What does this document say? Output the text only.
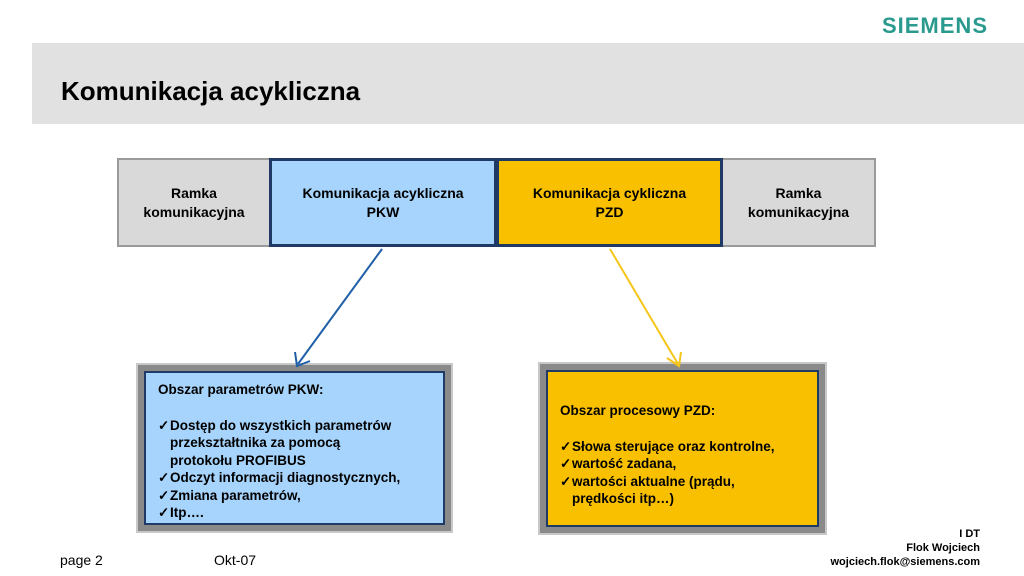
SIEMENS
Komunikacja acykliczna
Ramka
komunikacyjna
Komunikacja acykliczna
PKW
Komunikacja cykliczna
PZD
Ramka
komunikacyjna
Obszar parametrów PKW:
✓ Dostęp do wszystkich parametrów
przekształtnika za pomocą
protokołu PROFIBUS
✓ Odczyt informacji diagnostycznych,
✓ Zmiana parametrów,
✓ Itp….
Obszar procesowy PZD:
✓ Słowa sterujące oraz kontrolne,
✓ wartość zadana,
✓ wartości aktualne (prądu,
prędkości itp…)
page 2	Okt-07
I DT
Flok Wojciech
wojciech.flok@siemens.com
